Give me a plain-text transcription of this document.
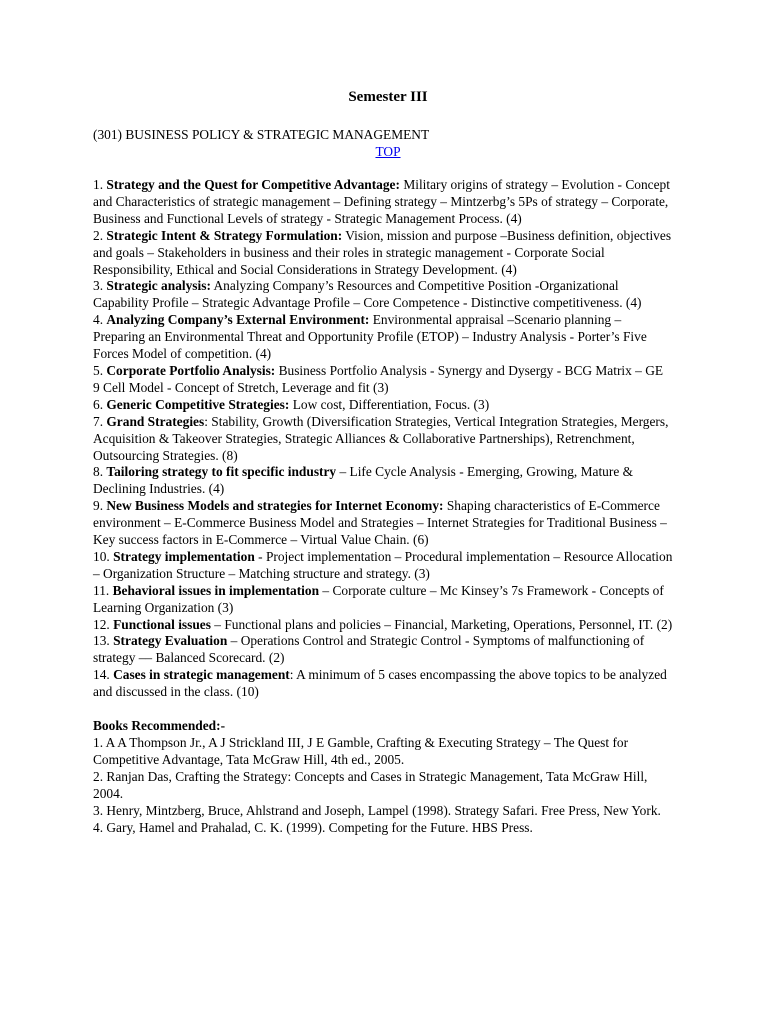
Semester III
(301) BUSINESS POLICY & STRATEGIC MANAGEMENT
TOP
1. Strategy and the Quest for Competitive Advantage: Military origins of strategy – Evolution - Concept and Characteristics of strategic management – Defining strategy – Mintzerbg’s 5Ps of strategy – Corporate, Business and Functional Levels of strategy - Strategic Management Process. (4)
2. Strategic Intent & Strategy Formulation: Vision, mission and purpose –Business definition, objectives and goals – Stakeholders in business and their roles in strategic management - Corporate Social Responsibility, Ethical and Social Considerations in Strategy Development. (4)
3. Strategic analysis: Analyzing Company’s Resources and Competitive Position -Organizational Capability Profile – Strategic Advantage Profile – Core Competence - Distinctive competitiveness. (4)
4. Analyzing Company’s External Environment: Environmental appraisal –Scenario planning – Preparing an Environmental Threat and Opportunity Profile (ETOP) – Industry Analysis - Porter’s Five Forces Model of competition. (4)
5. Corporate Portfolio Analysis: Business Portfolio Analysis - Synergy and Dysergy - BCG Matrix – GE 9 Cell Model - Concept of Stretch, Leverage and fit (3)
6. Generic Competitive Strategies: Low cost, Differentiation, Focus. (3)
7. Grand Strategies: Stability, Growth (Diversification Strategies, Vertical Integration Strategies, Mergers, Acquisition & Takeover Strategies, Strategic Alliances & Collaborative Partnerships), Retrenchment, Outsourcing Strategies. (8)
8. Tailoring strategy to fit specific industry – Life Cycle Analysis - Emerging, Growing, Mature & Declining Industries. (4)
9. New Business Models and strategies for Internet Economy: Shaping characteristics of E-Commerce environment – E-Commerce Business Model and Strategies – Internet Strategies for Traditional Business – Key success factors in E-Commerce – Virtual Value Chain. (6)
10. Strategy implementation - Project implementation – Procedural implementation – Resource Allocation – Organization Structure – Matching structure and strategy. (3)
11. Behavioral issues in implementation – Corporate culture – Mc Kinsey’s 7s Framework - Concepts of Learning Organization (3)
12. Functional issues – Functional plans and policies – Financial, Marketing, Operations, Personnel, IT. (2)
13. Strategy Evaluation – Operations Control and Strategic Control - Symptoms of malfunctioning of strategy –– Balanced Scorecard. (2)
14. Cases in strategic management: A minimum of 5 cases encompassing the above topics to be analyzed and discussed in the class. (10)
Books Recommended:-
1. A A Thompson Jr., A J Strickland III, J E Gamble, Crafting & Executing Strategy – The Quest for Competitive Advantage, Tata McGraw Hill, 4th ed., 2005.
2. Ranjan Das, Crafting the Strategy: Concepts and Cases in Strategic Management, Tata McGraw Hill, 2004.
3. Henry, Mintzberg, Bruce, Ahlstrand and Joseph, Lampel (1998). Strategy Safari. Free Press, New York.
4. Gary, Hamel and Prahalad, C. K. (1999). Competing for the Future. HBS Press.
